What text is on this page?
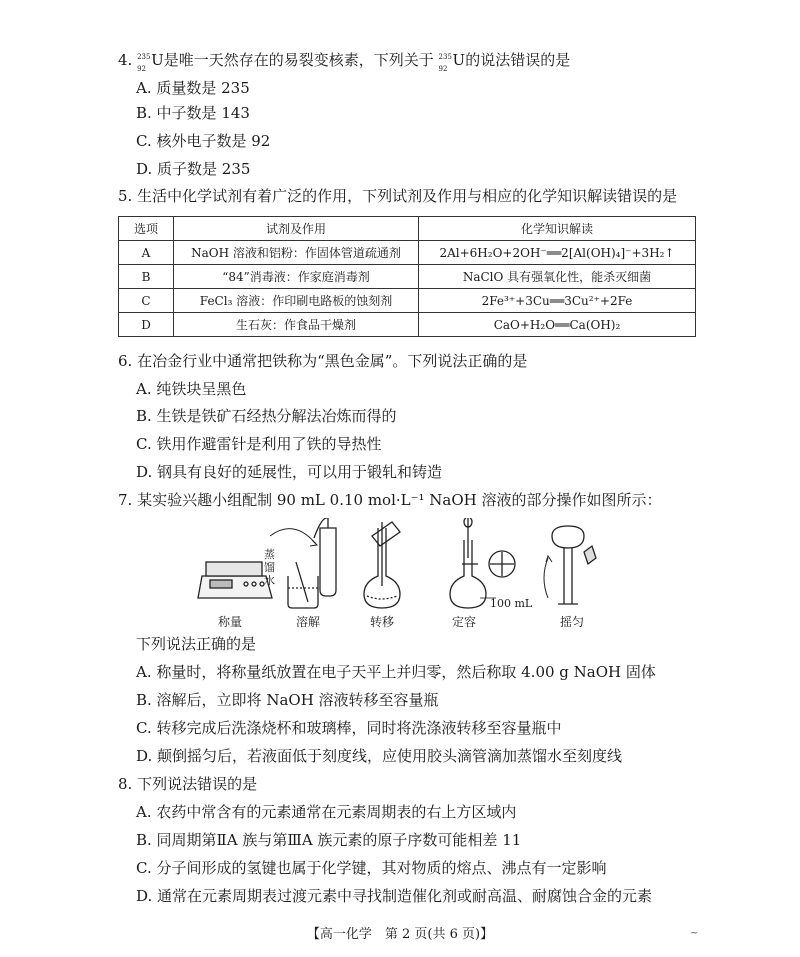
4. 235
92 U是唯一天然存在的易裂变核素，下列关于 235
92 U的说法错误的是
A. 质量数是 235
B. 中子数是 143
C. 核外电子数是 92
D. 质子数是 235
5. 生活中化学试剂有着广泛的作用，下列试剂及作用与相应的化学知识解读错误的是
选项	试剂及作用	化学知识解读
A	NaOH 溶液和铝粉：作固体管道疏通剂	2Al+6H₂O+2OH⁻══2[Al(OH)₄]⁻+3H₂↑
B	“84”消毒液：作家庭消毒剂	NaClO 具有强氧化性，能杀灭细菌
C	FeCl₃ 溶液：作印刷电路板的蚀刻剂	2Fe³⁺+3Cu══3Cu²⁺+2Fe
D	生石灰：作食品干燥剂	CaO+H₂O══Ca(OH)₂
6. 在冶金行业中通常把铁称为“黑色金属”。下列说法正确的是
A. 纯铁块呈黑色
B. 生铁是铁矿石经热分解法冶炼而得的
C. 铁用作避雷针是利用了铁的导热性
D. 钢具有良好的延展性，可以用于锻轧和铸造
7. 某实验兴趣小组配制 90 mL 0.10 mol·L⁻¹ NaOH 溶液的部分操作如图所示：
蒸馏水
100 mL
称量	溶解	转移	定容	摇匀
下列说法正确的是
A. 称量时，将称量纸放置在电子天平上并归零，然后称取 4.00 g NaOH 固体
B. 溶解后，立即将 NaOH 溶液转移至容量瓶
C. 转移完成后洗涤烧杯和玻璃棒，同时将洗涤液转移至容量瓶中
D. 颠倒摇匀后，若液面低于刻度线，应使用胶头滴管滴加蒸馏水至刻度线
8. 下列说法错误的是
A. 农药中常含有的元素通常在元素周期表的右上方区域内
B. 同周期第ⅡA 族与第ⅢA 族元素的原子序数可能相差 11
C. 分子间形成的氢键也属于化学键，其对物质的熔点、沸点有一定影响
D. 通常在元素周期表过渡元素中寻找制造催化剂或耐高温、耐腐蚀合金的元素
【高一化学　第 2 页(共 6 页)】	~
